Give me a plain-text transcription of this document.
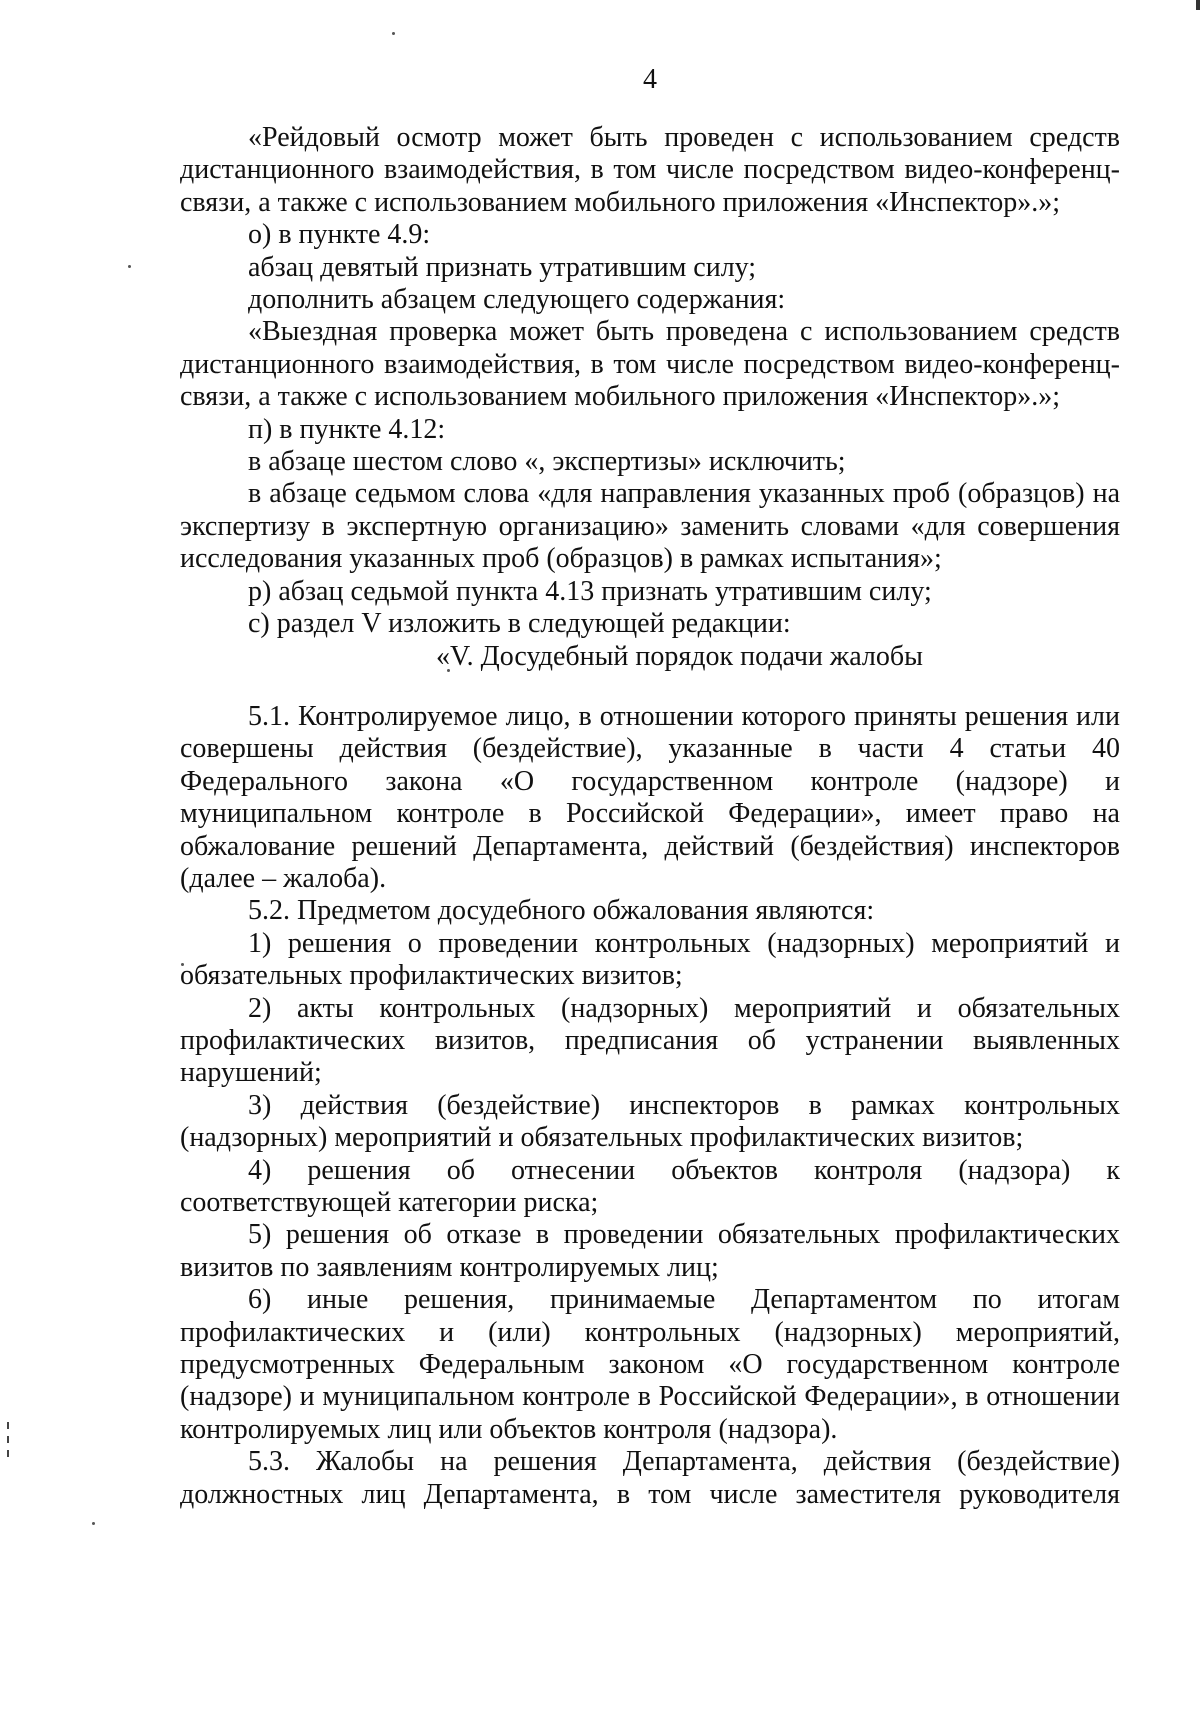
4

«Рейдовый осмотр может быть проведен с использованием средств дистанционного взаимодействия, в том числе посредством видео-конференц-связи, а также с использованием мобильного приложения «Инспектор».»;

о) в пункте 4.9:

абзац девятый признать утратившим силу;

дополнить абзацем следующего содержания:

«Выездная проверка может быть проведена с использованием средств дистанционного взаимодействия, в том числе посредством видео-конференц-связи, а также с использованием мобильного приложения «Инспектор».»;

п) в пункте 4.12:

в абзаце шестом слово «, экспертизы» исключить;

в абзаце седьмом слова «для направления указанных проб (образцов) на экспертизу в экспертную организацию» заменить словами «для совершения исследования указанных проб (образцов) в рамках испытания»;

р) абзац седьмой пункта 4.13 признать утратившим силу;

с) раздел V изложить в следующей редакции:

«V. Досудебный порядок подачи жалобы

5.1. Контролируемое лицо, в отношении которого приняты решения или совершены действия (бездействие), указанные в части 4 статьи 40 Федерального закона «О государственном контроле (надзоре) и муниципальном контроле в Российской Федерации», имеет право на обжалование решений Департамента, действий (бездействия) инспекторов (далее – жалоба).

5.2. Предметом досудебного обжалования являются:

1) решения о проведении контрольных (надзорных) мероприятий и обязательных профилактических визитов;

2) акты контрольных (надзорных) мероприятий и обязательных профилактических визитов, предписания об устранении выявленных нарушений;

3) действия (бездействие) инспекторов в рамках контрольных (надзорных) мероприятий и обязательных профилактических визитов;

4) решения об отнесении объектов контроля (надзора) к соответствующей категории риска;

5) решения об отказе в проведении обязательных профилактических визитов по заявлениям контролируемых лиц;

6) иные решения, принимаемые Департаментом по итогам профилактических и (или) контрольных (надзорных) мероприятий, предусмотренных Федеральным законом «О государственном контроле (надзоре) и муниципальном контроле в Российской Федерации», в отношении контролируемых лиц или объектов контроля (надзора).

5.3. Жалобы на решения Департамента, действия (бездействие) должностных лиц Департамента, в том числе заместителя руководителя
